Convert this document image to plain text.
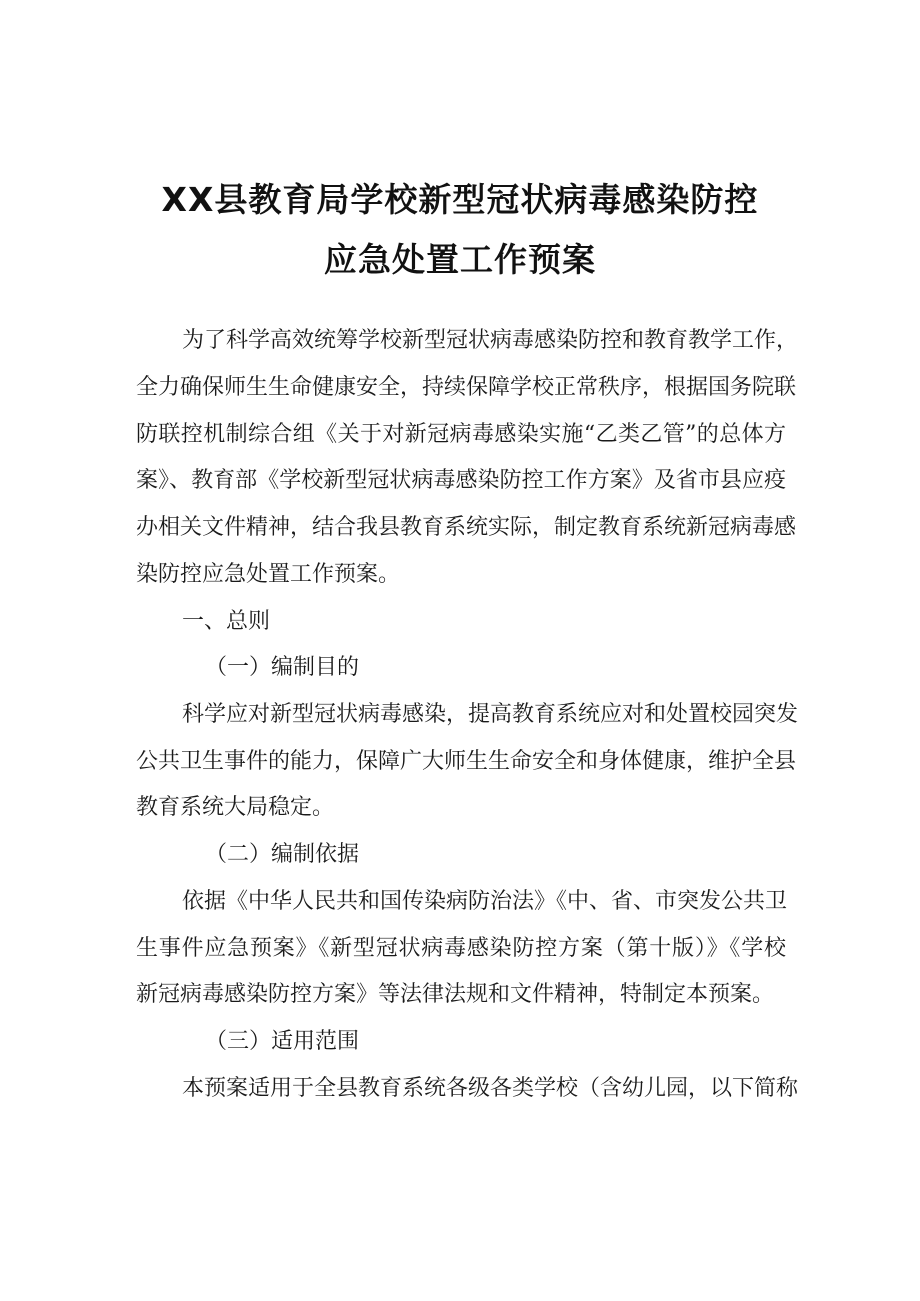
XX县教育局学校新型冠状病毒感染防控
应急处置工作预案
为了科学高效统筹学校新型冠状病毒感染防控和教育教学工作，
全力确保师生生命健康安全，持续保障学校正常秩序，根据国务院联
防联控机制综合组《关于对新冠病毒感染实施“乙类乙管”的总体方
案》、教育部《学校新型冠状病毒感染防控工作方案》及省市县应疫
办相关文件精神，结合我县教育系统实际，制定教育系统新冠病毒感
染防控应急处置工作预案。
一、总则
（一）编制目的
科学应对新型冠状病毒感染，提高教育系统应对和处置校园突发
公共卫生事件的能力，保障广大师生生命安全和身体健康，维护全县
教育系统大局稳定。
（二）编制依据
依据《中华人民共和国传染病防治法》《中、省、市突发公共卫
生事件应急预案》《新型冠状病毒感染防控方案（第十版）》《学校
新冠病毒感染防控方案》等法律法规和文件精神，特制定本预案。
（三）适用范围
本预案适用于全县教育系统各级各类学校（含幼儿园，以下简称
